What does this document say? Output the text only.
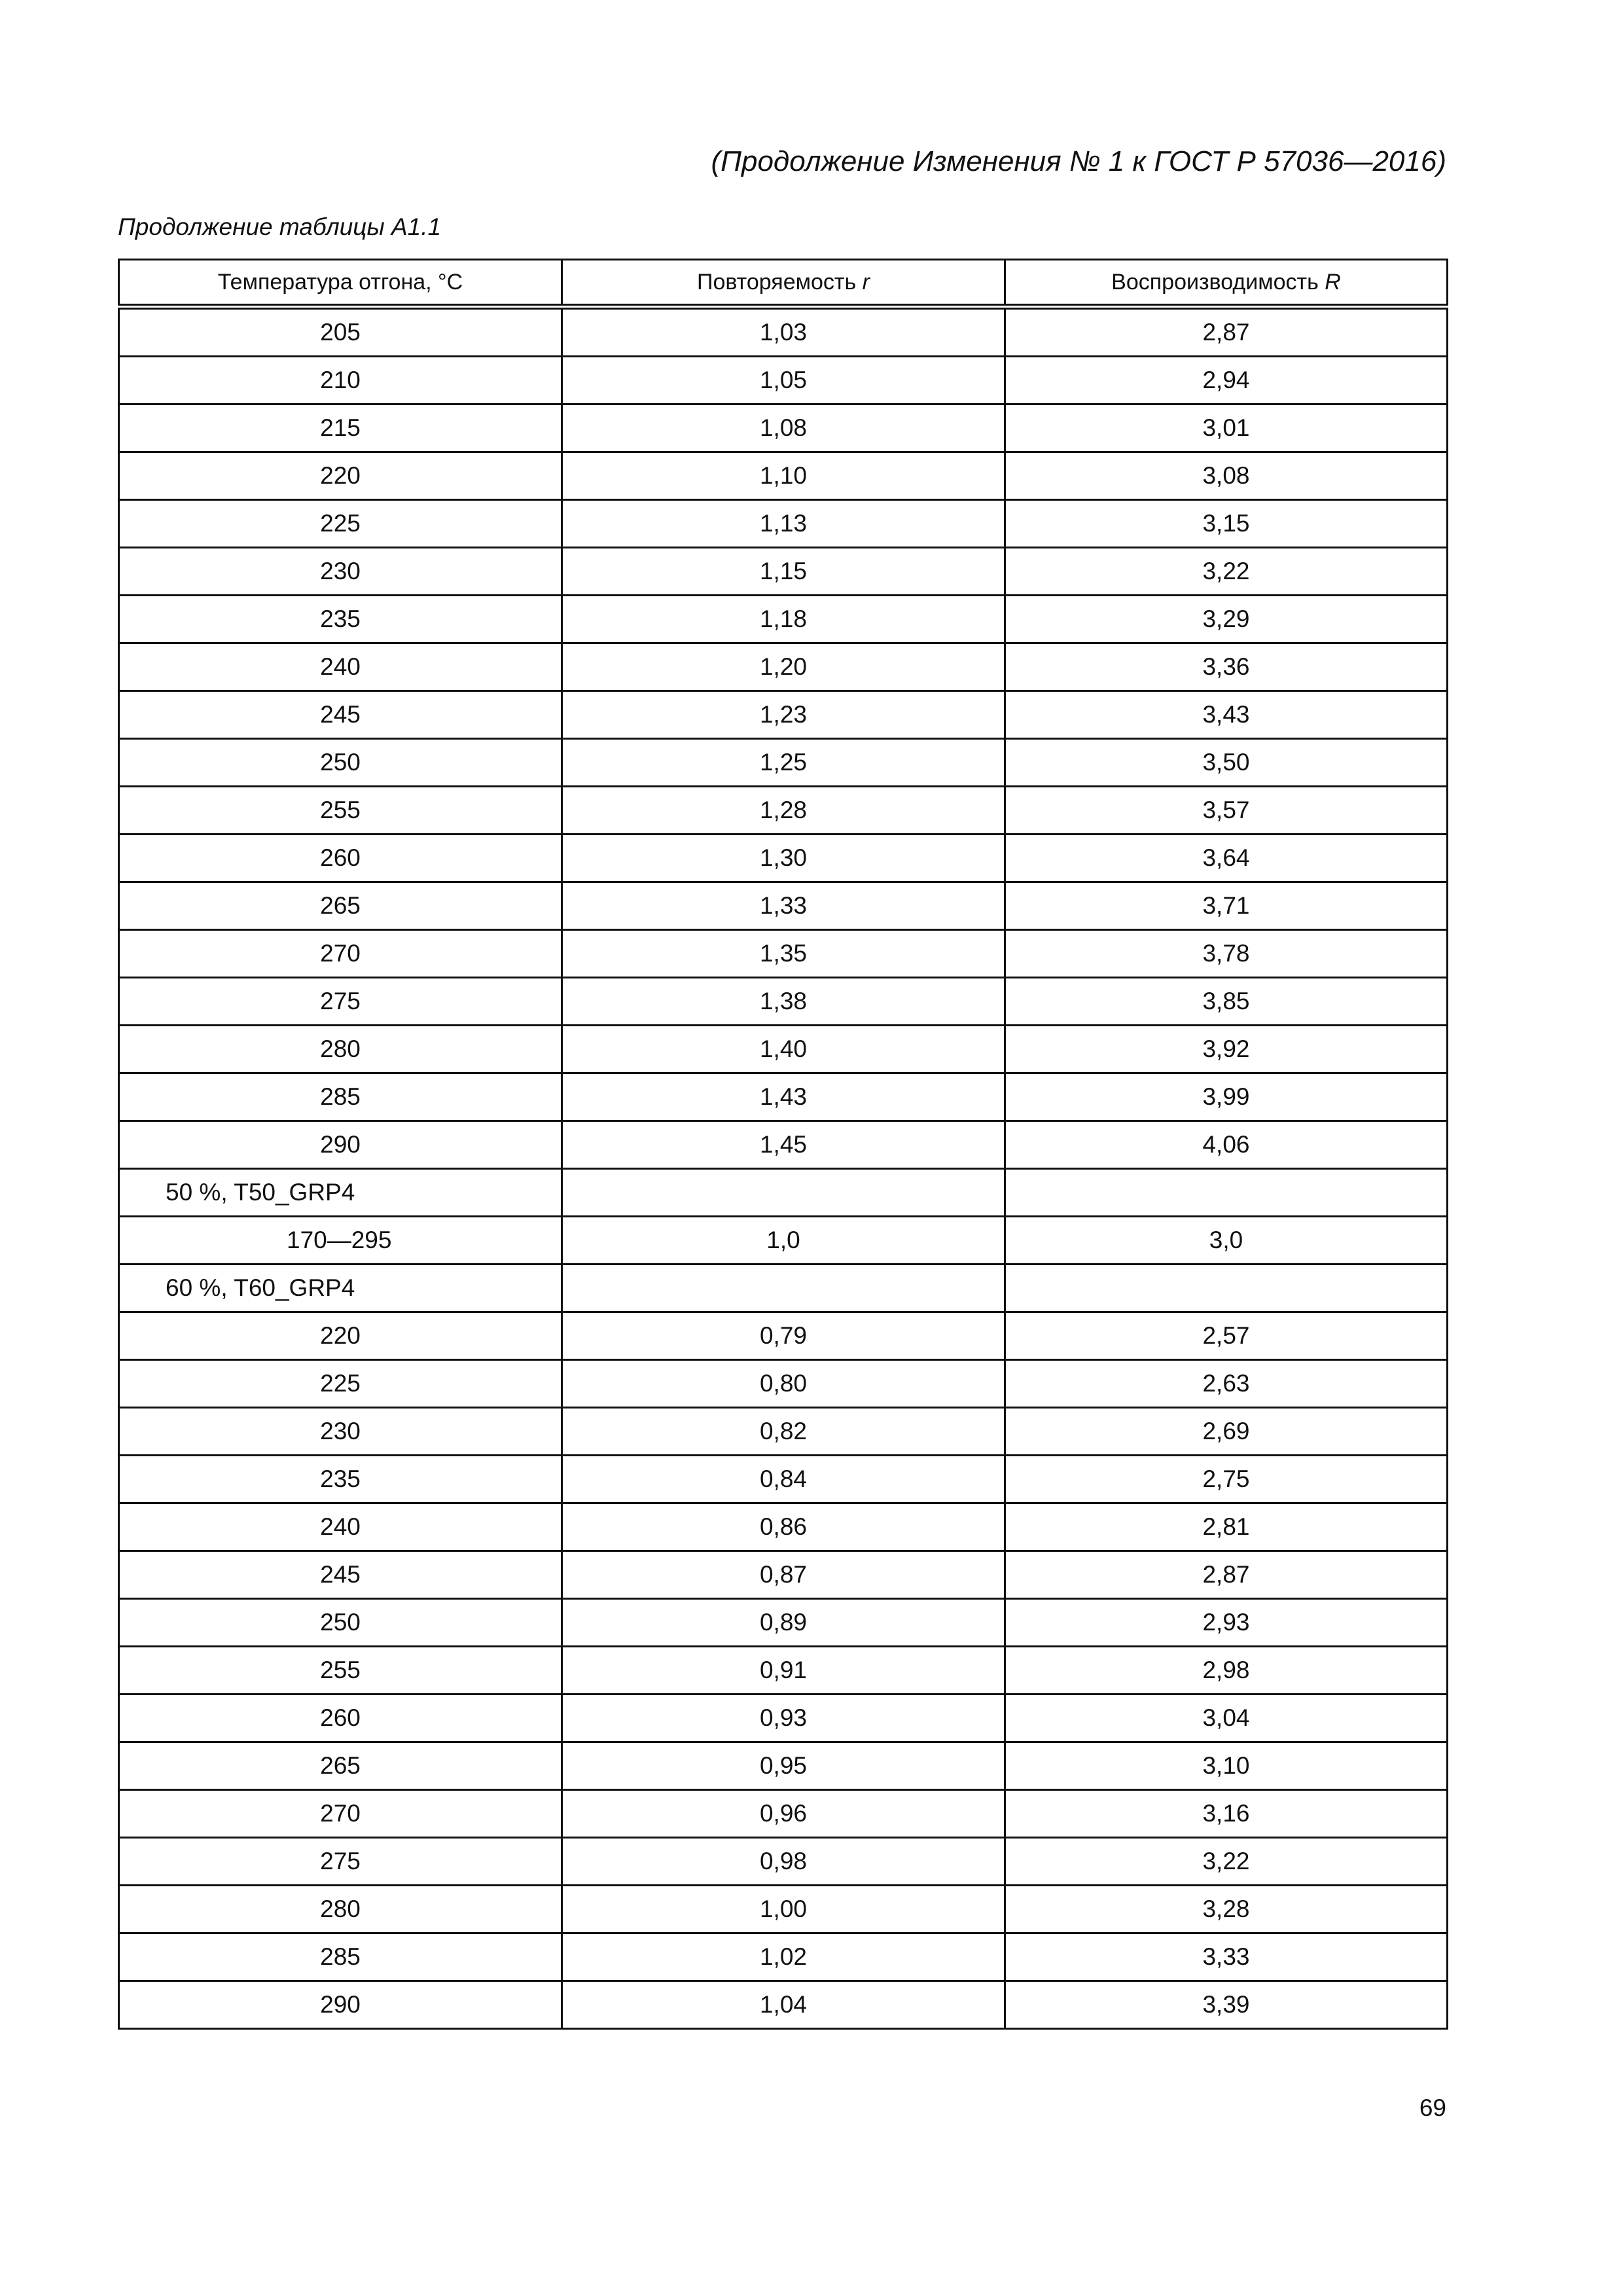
(Продолжение Изменения № 1 к ГОСТ Р 57036—2016)
Продолжение таблицы А1.1
Температура отгона, °С	Повторяемость r	Воспроизводимость R
205	1,03	2,87
210	1,05	2,94
215	1,08	3,01
220	1,10	3,08
225	1,13	3,15
230	1,15	3,22
235	1,18	3,29
240	1,20	3,36
245	1,23	3,43
250	1,25	3,50
255	1,28	3,57
260	1,30	3,64
265	1,33	3,71
270	1,35	3,78
275	1,38	3,85
280	1,40	3,92
285	1,43	3,99
290	1,45	4,06
50 %, T50_GRP4		
170—295	1,0	3,0
60 %, T60_GRP4		
220	0,79	2,57
225	0,80	2,63
230	0,82	2,69
235	0,84	2,75
240	0,86	2,81
245	0,87	2,87
250	0,89	2,93
255	0,91	2,98
260	0,93	3,04
265	0,95	3,10
270	0,96	3,16
275	0,98	3,22
280	1,00	3,28
285	1,02	3,33
290	1,04	3,39
69
